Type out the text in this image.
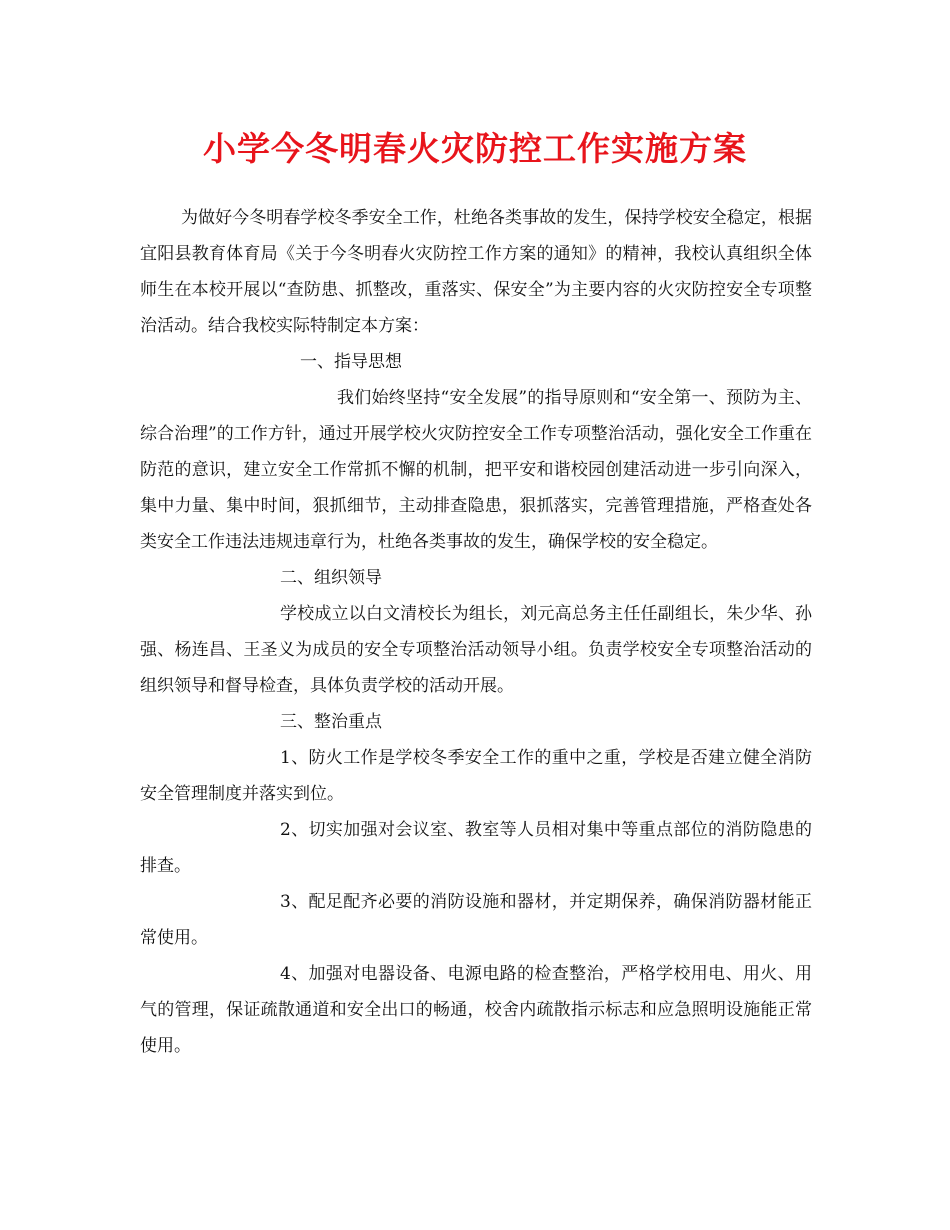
小学今冬明春火灾防控工作实施方案

为做好今冬明春学校冬季安全工作，杜绝各类事故的发生，保持学校安全稳定，根据宜阳县教育体育局《关于今冬明春火灾防控工作方案的通知》的精神，我校认真组织全体师生在本校开展以“查防患、抓整改，重落实、保安全”为主要内容的火灾防控安全专项整治活动。结合我校实际特制定本方案：

一、指导思想

我们始终坚持“安全发展”的指导原则和“安全第一、预防为主、综合治理”的工作方针，通过开展学校火灾防控安全工作专项整治活动，强化安全工作重在防范的意识，建立安全工作常抓不懈的机制，把平安和谐校园创建活动进一步引向深入，集中力量、集中时间，狠抓细节，主动排查隐患，狠抓落实，完善管理措施，严格查处各类安全工作违法违规违章行为，杜绝各类事故的发生，确保学校的安全稳定。

二、组织领导

学校成立以白文清校长为组长，刘元高总务主任任副组长，朱少华、孙强、杨连昌、王圣义为成员的安全专项整治活动领导小组。负责学校安全专项整治活动的组织领导和督导检查，具体负责学校的活动开展。

三、整治重点

1、防火工作是学校冬季安全工作的重中之重，学校是否建立健全消防安全管理制度并落实到位。

2、切实加强对会议室、教室等人员相对集中等重点部位的消防隐患的排查。

3、配足配齐必要的消防设施和器材，并定期保养，确保消防器材能正常使用。

4、加强对电器设备、电源电路的检查整治，严格学校用电、用火、用气的管理，保证疏散通道和安全出口的畅通，校舍内疏散指示标志和应急照明设施能正常使用。
